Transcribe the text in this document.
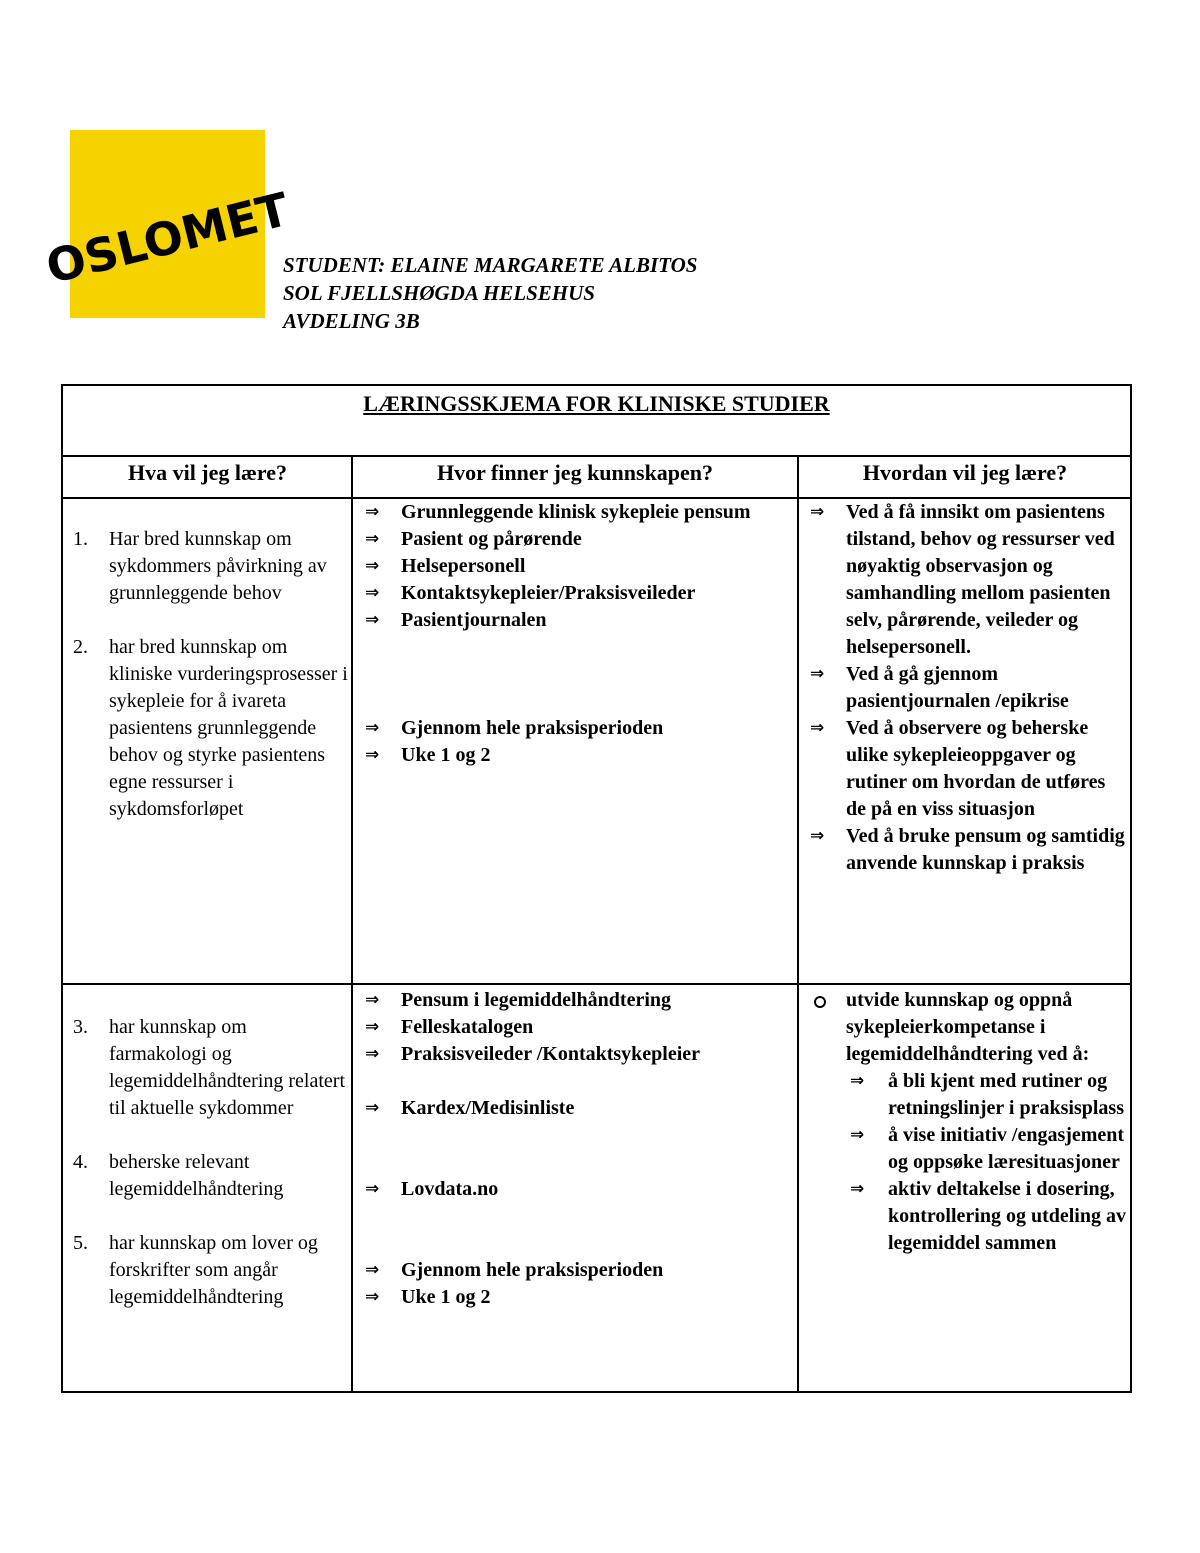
OSLOMET
STUDENT: ELAINE MARGARETE ALBITOS
SOL FJELLSHØGDA HELSEHUS
AVDELING 3B
LÆRINGSSKJEMA FOR KLINISKE STUDIER
Hva vil jeg lære?	Hvor finner jeg kunnskapen?	Hvordan vil jeg lære?
1. Har bred kunnskap om sykdommers påvirkning av grunnleggende behov
2. har bred kunnskap om kliniske vurderingsprosesser i sykepleie for å ivareta pasientens grunnleggende behov og styrke pasientens egne ressurser i sykdomsforløpet
⇒ Grunnleggende klinisk sykepleie pensum
⇒ Pasient og pårørende
⇒ Helsepersonell
⇒ Kontaktsykepleier/Praksisveileder
⇒ Pasientjournalen
⇒ Gjennom hele praksisperioden
⇒ Uke 1 og 2
⇒ Ved å få innsikt om pasientens tilstand, behov og ressurser ved nøyaktig observasjon og samhandling mellom pasienten selv, pårørende, veileder og helsepersonell.
⇒ Ved å gå gjennom pasientjournalen /epikrise
⇒ Ved å observere og beherske ulike sykepleieoppgaver og rutiner om hvordan de utføres de på en viss situasjon
⇒ Ved å bruke pensum og samtidig anvende kunnskap i praksis
3. har kunnskap om farmakologi og legemiddelhåndtering relatert til aktuelle sykdommer
4. beherske relevant legemiddelhåndtering
5. har kunnskap om lover og forskrifter som angår legemiddelhåndtering
⇒ Pensum i legemiddelhåndtering
⇒ Felleskatalogen
⇒ Praksisveileder /Kontaktsykepleier
⇒ Kardex/Medisinliste
⇒ Lovdata.no
⇒ Gjennom hele praksisperioden
⇒ Uke 1 og 2
utvide kunnskap og oppnå sykepleierkompetanse i legemiddelhåndtering ved å:
⇒ å bli kjent med rutiner og retningslinjer i praksisplass
⇒ å vise initiativ /engasjement og oppsøke læresituasjoner
⇒ aktiv deltakelse i dosering, kontrollering og utdeling av legemiddel sammen
